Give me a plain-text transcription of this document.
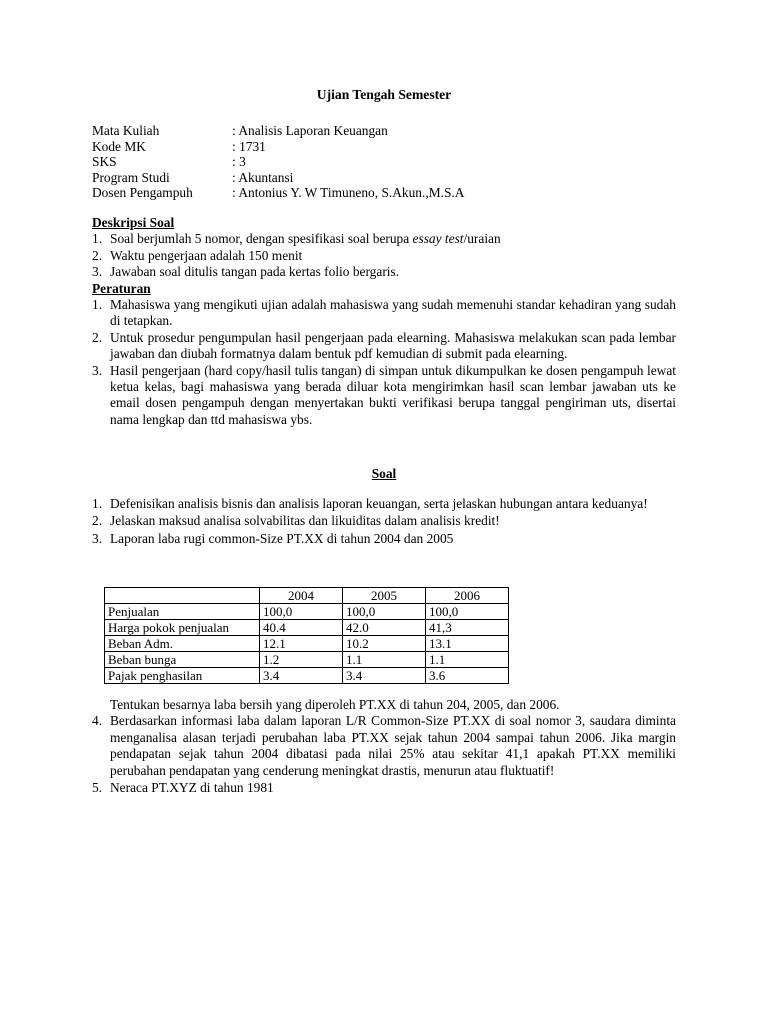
Ujian Tengah Semester
Mata Kuliah	: Analisis Laporan Keuangan
Kode MK	: 1731
SKS	: 3
Program Studi	: Akuntansi
Dosen Pengampuh	: Antonius Y. W Timuneno, S.Akun.,M.S.A
Deskripsi Soal
1. Soal berjumlah 5 nomor, dengan spesifikasi soal berupa essay test/uraian
2. Waktu pengerjaan adalah 150 menit
3. Jawaban soal ditulis tangan pada kertas folio bergaris.
Peraturan
1. Mahasiswa yang mengikuti ujian adalah mahasiswa yang sudah memenuhi standar kehadiran yang sudah di tetapkan.
2. Untuk prosedur pengumpulan hasil pengerjaan pada elearning. Mahasiswa melakukan scan pada lembar jawaban dan diubah formatnya dalam bentuk pdf kemudian di submit pada elearning.
3. Hasil pengerjaan (hard copy/hasil tulis tangan) di simpan untuk dikumpulkan ke dosen pengampuh lewat ketua kelas, bagi mahasiswa yang berada diluar kota mengirimkan hasil scan lembar jawaban uts ke email dosen pengampuh dengan menyertakan bukti verifikasi berupa tanggal pengiriman uts, disertai nama lengkap dan ttd mahasiswa ybs.
Soal
1. Defenisikan analisis bisnis dan analisis laporan keuangan, serta jelaskan hubungan antara keduanya!
2. Jelaskan maksud analisa solvabilitas dan likuiditas dalam analisis kredit!
3. Laporan laba rugi common-Size PT.XX di tahun 2004 dan 2005
	2004	2005	2006
Penjualan	100,0	100,0	100,0
Harga pokok penjualan	40.4	42.0	41,3
Beban Adm.	12.1	10.2	13.1
Beban bunga	1.2	1.1	1.1
Pajak penghasilan	3.4	3.4	3.6
Tentukan besarnya laba bersih yang diperoleh PT.XX di tahun 204, 2005, dan 2006.
4. Berdasarkan informasi laba dalam laporan L/R Common-Size PT.XX di soal nomor 3, saudara diminta menganalisa alasan terjadi perubahan laba PT.XX sejak tahun 2004 sampai tahun 2006. Jika margin pendapatan sejak tahun 2004 dibatasi pada nilai 25% atau sekitar 41,1 apakah PT.XX memiliki perubahan pendapatan yang cenderung meningkat drastis, menurun atau fluktuatif!
5. Neraca PT.XYZ di tahun 1981
